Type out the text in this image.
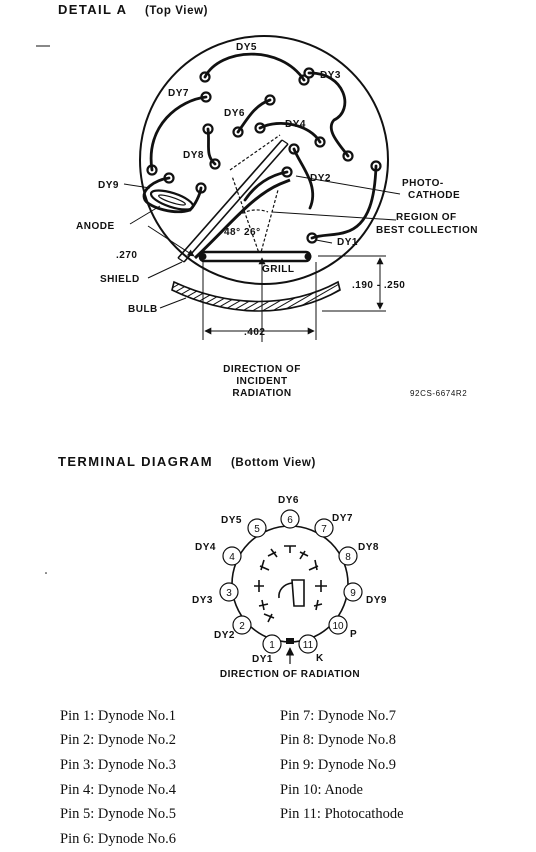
DETAIL A (Top View)
DY5
DY3
DY7
DY6
DY4
DY8
DY2
DY9
DY1
ANODE
.270
48° 26°
SHIELD
GRILL
.190 - .250
BULB
PHOTO-
CATHODE
REGION OF
BEST COLLECTION
.402
DIRECTION OF
INCIDENT
RADIATION	92CS-6674R2
TERMINAL DIAGRAM (Bottom View)
1
2
3
4
5
6
7
8
9
10
11
DY1
DY2
DY3
DY4
DY5
DY6
DY7
DY8
DY9
P
K
DIRECTION OF RADIATION
Pin 1: Dynode No.1	Pin 7: Dynode No.7
Pin 2: Dynode No.2	Pin 8: Dynode No.8
Pin 3: Dynode No.3	Pin 9: Dynode No.9
Pin 4: Dynode No.4	Pin 10: Anode
Pin 5: Dynode No.5	Pin 11: Photocathode
Pin 6: Dynode No.6
